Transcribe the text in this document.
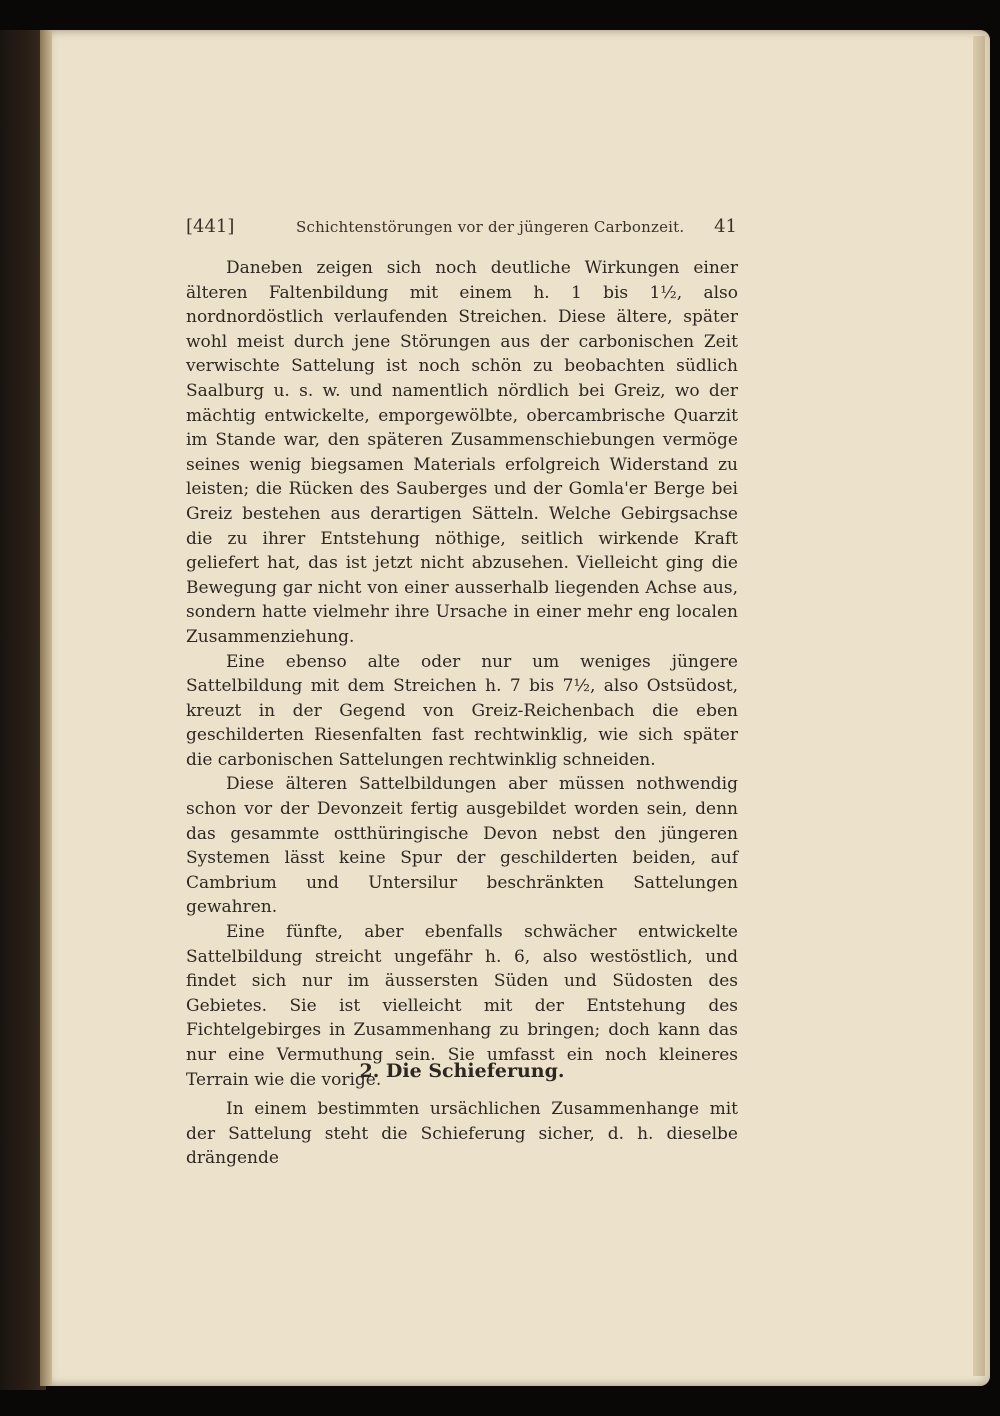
[441]	Schichtenstörungen vor der jüngeren Carbonzeit. 41

Daneben zeigen sich noch deutliche Wirkungen einer älteren Faltenbildung mit einem h. 1 bis 1½, also nordnordöstlich verlaufenden Streichen. Diese ältere, später wohl meist durch jene Störungen aus der carbonischen Zeit verwischte Sattelung ist noch schön zu beobachten südlich Saalburg u. s. w. und namentlich nördlich bei Greiz, wo der mächtig entwickelte, emporgewölbte, obercambrische Quarzit im Stande war, den späteren Zusammenschiebungen vermöge seines wenig biegsamen Materials erfolgreich Widerstand zu leisten; die Rücken des Sauberges und der Gomla'er Berge bei Greiz bestehen aus derartigen Sätteln. Welche Gebirgsachse die zu ihrer Entstehung nöthige, seitlich wirkende Kraft geliefert hat, das ist jetzt nicht abzusehen. Vielleicht ging die Bewegung gar nicht von einer ausserhalb liegenden Achse aus, sondern hatte vielmehr ihre Ursache in einer mehr eng localen Zusammenziehung.

Eine ebenso alte oder nur um weniges jüngere Sattelbildung mit dem Streichen h. 7 bis 7½, also Ostsüdost, kreuzt in der Gegend von Greiz-Reichenbach die eben geschilderten Riesenfalten fast rechtwinklig, wie sich später die carbonischen Sattelungen rechtwinklig schneiden.

Diese älteren Sattelbildungen aber müssen nothwendig schon vor der Devonzeit fertig ausgebildet worden sein, denn das gesammte ostthüringische Devon nebst den jüngeren Systemen lässt keine Spur der geschilderten beiden, auf Cambrium und Untersilur beschränkten Sattelungen gewahren.

Eine fünfte, aber ebenfalls schwächer entwickelte Sattelbildung streicht ungefähr h. 6, also westöstlich, und findet sich nur im äussersten Süden und Südosten des Gebietes. Sie ist vielleicht mit der Entstehung des Fichtelgebirges in Zusammenhang zu bringen; doch kann das nur eine Vermuthung sein. Sie umfasst ein noch kleineres Terrain wie die vorige.

2. Die Schieferung.

In einem bestimmten ursächlichen Zusammenhange mit der Sattelung steht die Schieferung sicher, d. h. dieselbe drängende
